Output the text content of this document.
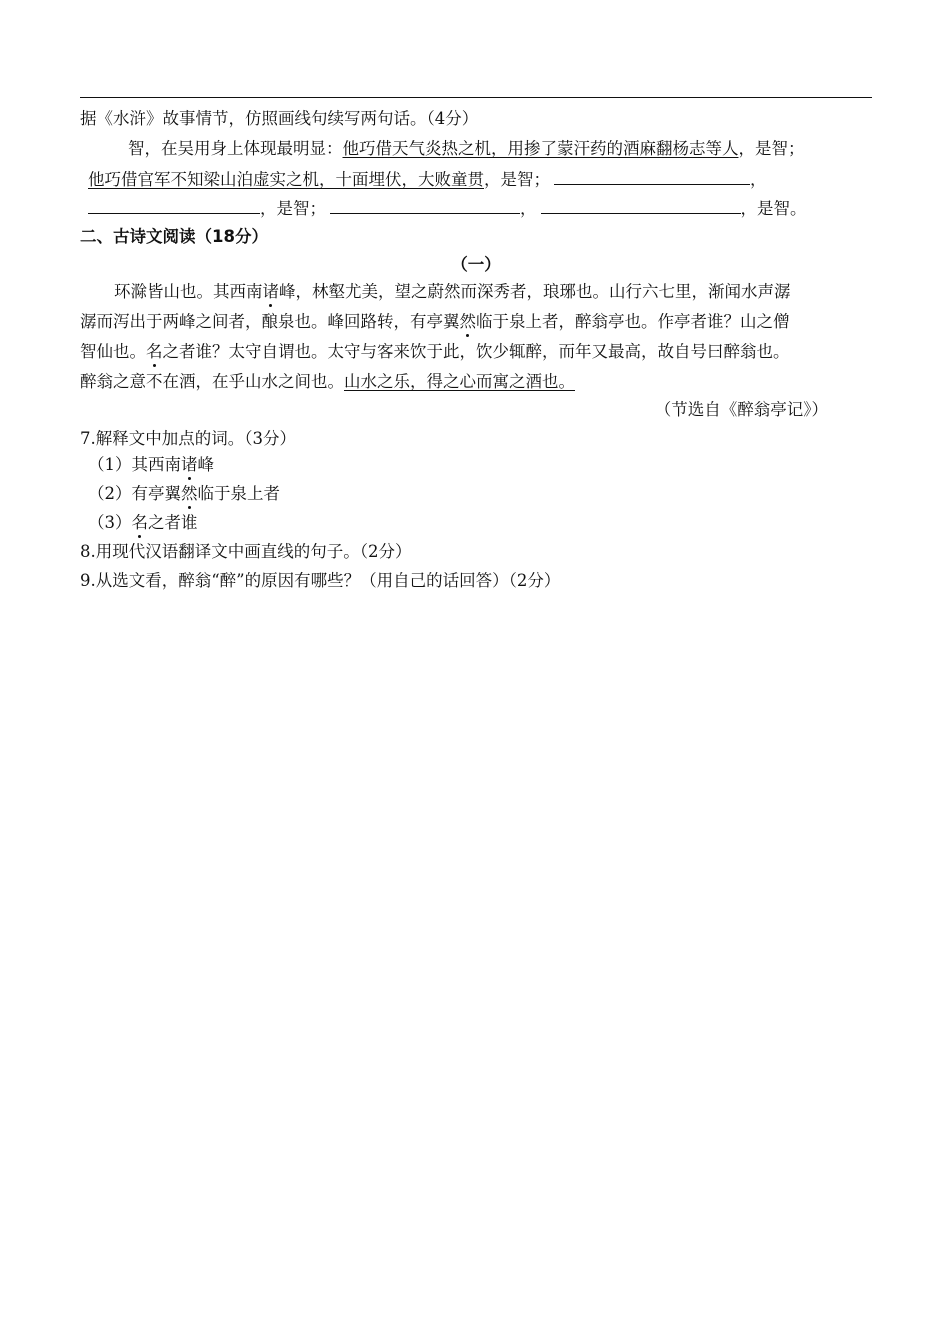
据《水浒》故事情节，仿照画线句续写两句话。（4分）
智，在吴用身上体现最明显：他巧借天气炎热之机，用掺了蒙汗药的酒麻翻杨志等人，是智；
他巧借官军不知梁山泊虚实之机，十面埋伏，大败童贯，是智；	，
，是智；	，	，是智。
二、古诗文阅读（18分）
（一）
环滁皆山也。其西南诸峰，林壑尤美，望之蔚然而深秀者，琅琊也。山行六七里，渐闻水声潺
潺而泻出于两峰之间者，酿泉也。峰回路转，有亭翼然临于泉上者，醉翁亭也。作亭者谁？山之僧
智仙也。名之者谁？太守自谓也。太守与客来饮于此，饮少辄醉，而年又最高，故自号曰醉翁也。
醉翁之意不在酒，在乎山水之间也。山水之乐，得之心而寓之酒也。
（节选自《醉翁亭记》）
7.解释文中加点的词。（3分）
（1）其西南诸峰
（2）有亭翼然临于泉上者
（3）名之者谁
8.用现代汉语翻译文中画直线的句子。（2分）
9.从选文看，醉翁“醉”的原因有哪些？（用自己的话回答）（2分）
